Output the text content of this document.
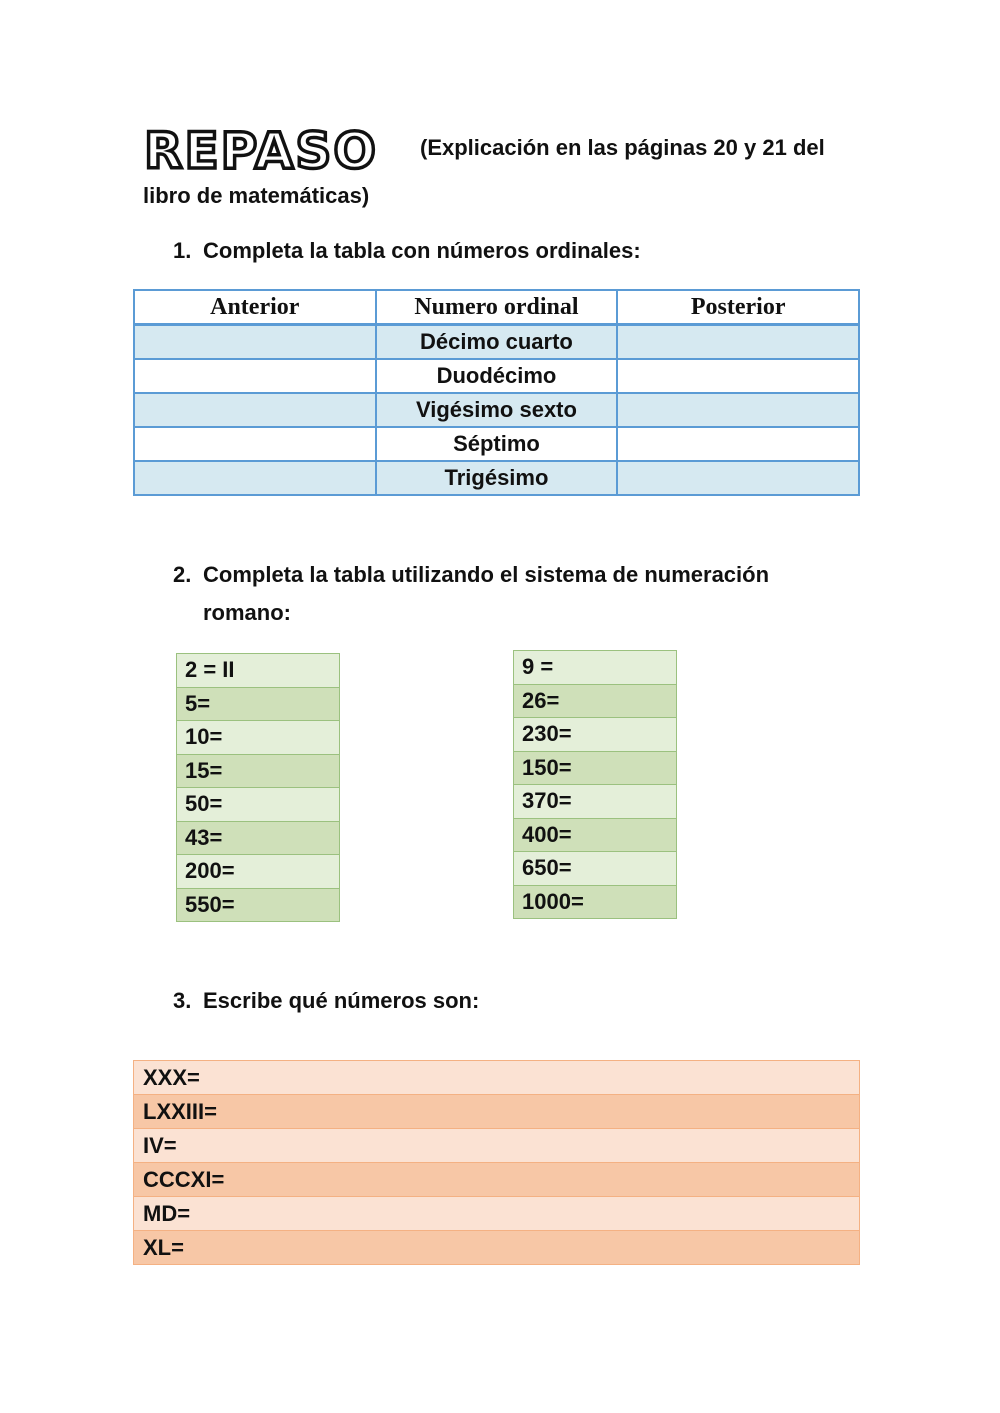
REPASO (Explicación en las páginas 20 y 21 del
libro de matemáticas)
1. Completa la tabla con números ordinales:
Anterior	Numero ordinal	Posterior
	Décimo cuarto	
	Duodécimo	
	Vigésimo sexto	
	Séptimo	
	Trigésimo	
2. Completa la tabla utilizando el sistema de numeración
romano:
2 = II
5=
10=
15=
50=
43=
200=
550=
9 =
26=
230=
150=
370=
400=
650=
1000=
3. Escribe qué números son:
XXX=
LXXIII=
IV=
CCCXI=
MD=
XL=
